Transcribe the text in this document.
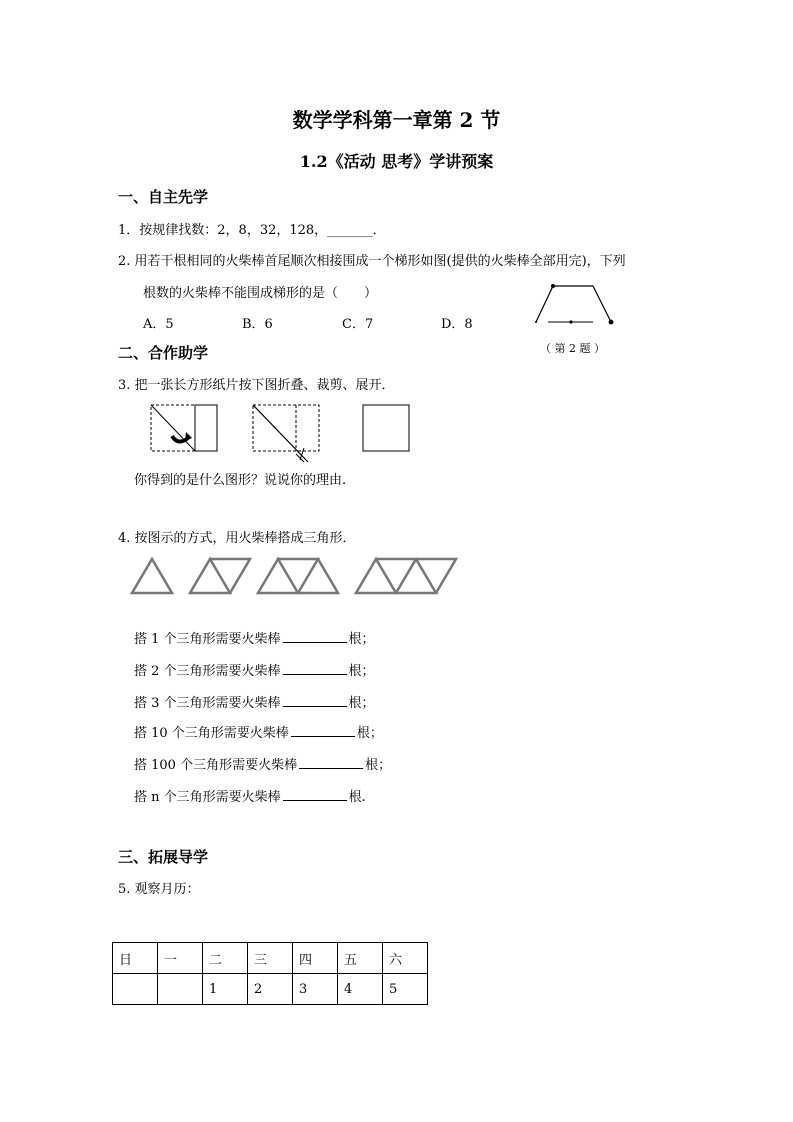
数学学科第一章第 2 节
1.2《活动 思考》学讲预案
一、自主先学
1．按规律找数：2，8，32，128，_______．
2. 用若干根相同的火柴棒首尾顺次相接围成一个梯形如图(提供的火柴棒全部用完)，下列
根数的火柴棒不能围成梯形的是（　　）
A．5	B．6	C．7	D．8
（ 第 2 题 ）
二、合作助学
3. 把一张长方形纸片按下图折叠、裁剪、展开．
你得到的是什么图形？说说你的理由.
4. 按图示的方式，用火柴棒搭成三角形．
搭 1 个三角形需要火柴棒	根；
搭 2 个三角形需要火柴棒	根；
搭 3 个三角形需要火柴棒	根；
搭 10 个三角形需要火柴棒	根；
搭 100 个三角形需要火柴棒	根；
搭 n 个三角形需要火柴棒	根.
三、拓展导学
5. 观察月历：
日	一	二	三	四	五	六
		1	2	3	4	5
